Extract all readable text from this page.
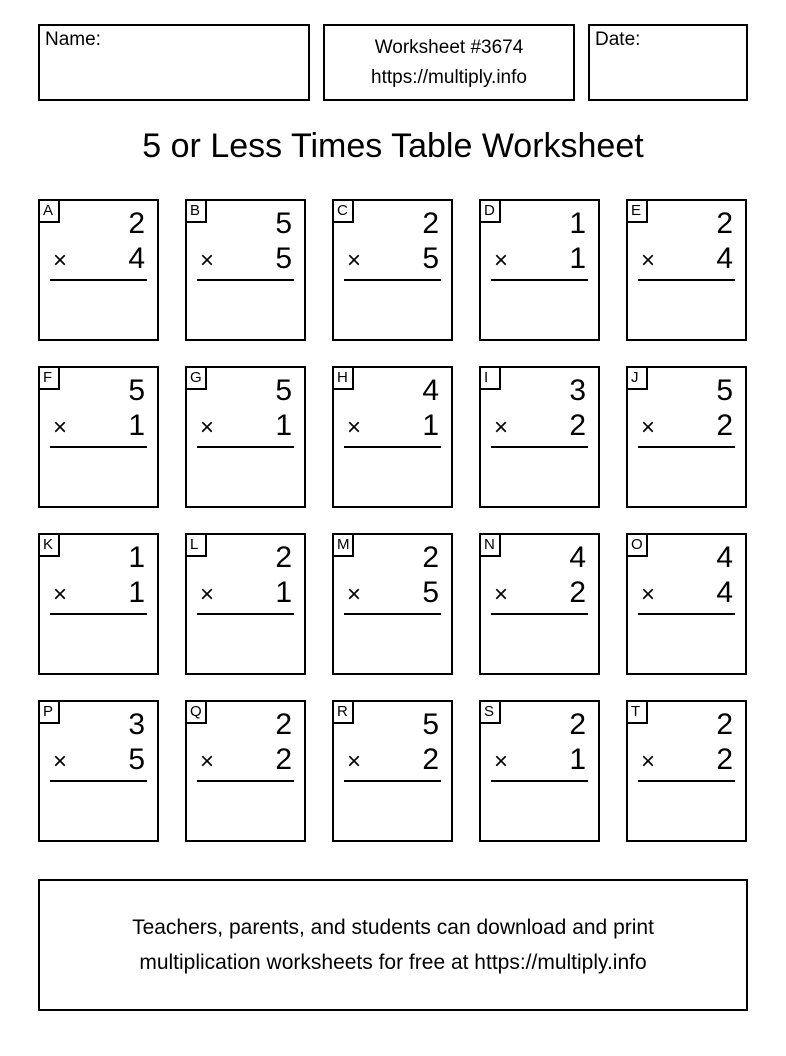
Name:	Worksheet #3674
https://multiply.info
Date:
5 or Less Times Table Worksheet
A	2
× 4
B	5
× 5
C 2
× 5
D 1
× 1
E	2
× 4
F	5
× 1
G 5
× 1
H 4
× 1
I	3
× 2
J	5
× 2
K	1
× 1
L	2
× 1
M 2
× 5
N 4
× 2
O 4
× 4
P	3
× 5
Q 2
× 2
R 5
× 2
S	2
× 1
T	2
× 2
Teachers, parents, and students can download and print
multiplication worksheets for free at https://multiply.info
